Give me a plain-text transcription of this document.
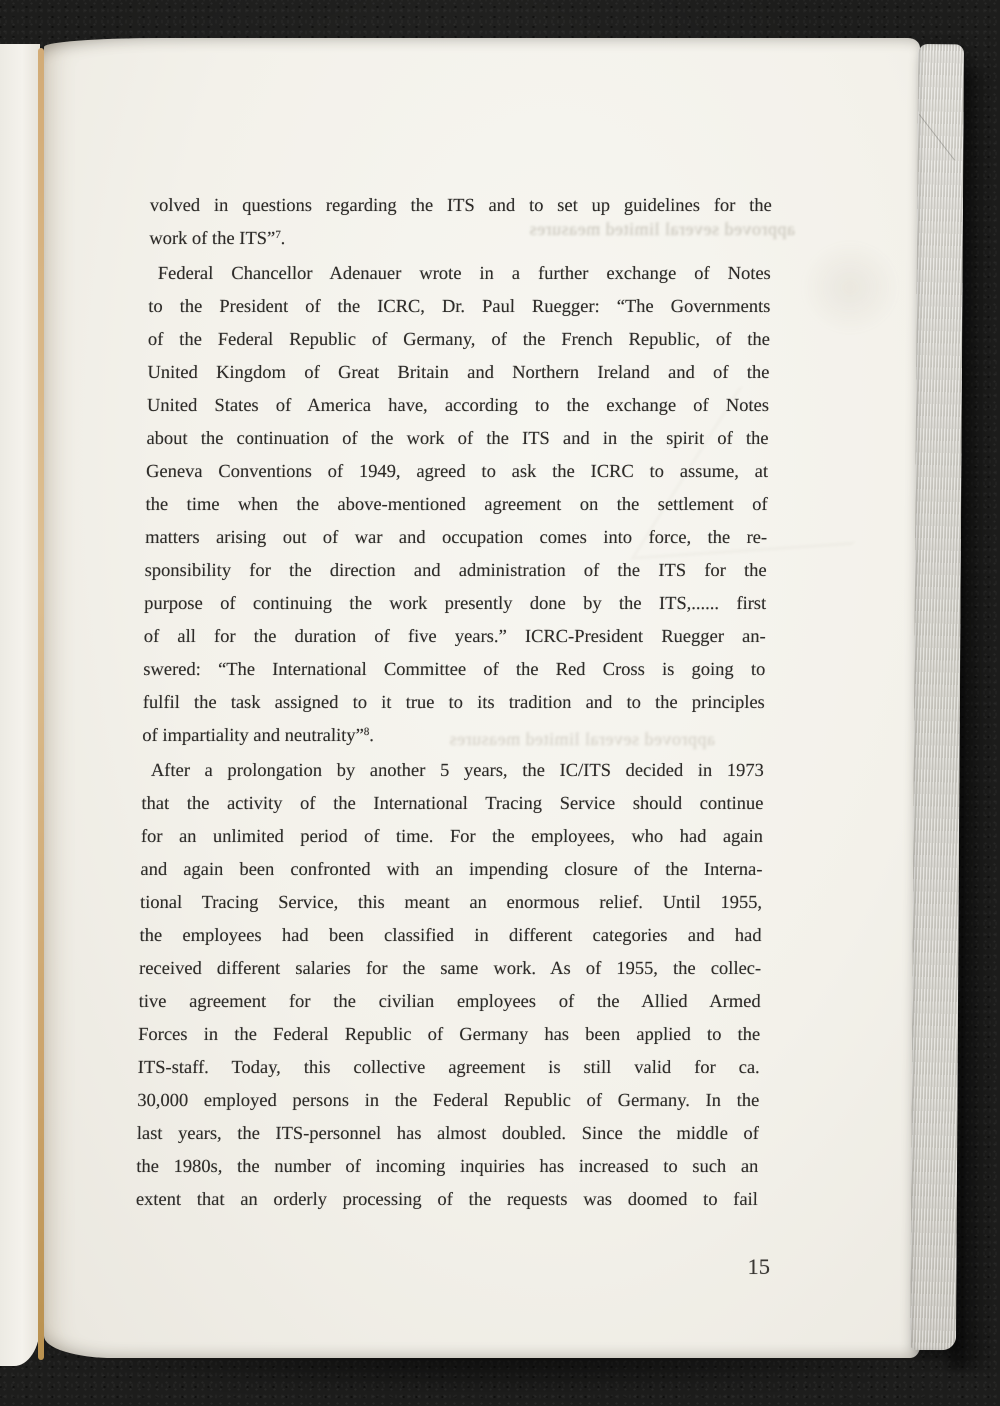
approved several limited measures
approved several limited measures
volved in questions regarding the ITS and to set up guidelines for the
work of the ITS”$^7$.
Federal Chancellor Adenauer wrote in a further exchange of Notes
to the President of the ICRC, Dr. Paul Ruegger: “The Governments
of the Federal Republic of Germany, of the French Republic, of the
United Kingdom of Great Britain and Northern Ireland and of the
United States of America have, according to the exchange of Notes
about the continuation of the work of the ITS and in the spirit of the
Geneva Conventions of 1949, agreed to ask the ICRC to assume, at
the time when the above-mentioned agreement on the settlement of
matters arising out of war and occupation comes into force, the re-
sponsibility for the direction and administration of the ITS for the
purpose of continuing the work presently done by the ITS,...... first
of all for the duration of five years.” ICRC-President Ruegger an-
swered: “The International Committee of the Red Cross is going to
fulfil the task assigned to it true to its tradition and to the principles
of impartiality and neutrality”$^8$.
After a prolongation by another 5 years, the IC/ITS decided in 1973
that the activity of the International Tracing Service should continue
for an unlimited period of time. For the employees, who had again
and again been confronted with an impending closure of the Interna-
tional Tracing Service, this meant an enormous relief. Until 1955,
the employees had been classified in different categories and had
received different salaries for the same work. As of 1955, the collec-
tive agreement for the civilian employees of the Allied Armed
Forces in the Federal Republic of Germany has been applied to the
ITS-staff. Today, this collective agreement is still valid for ca.
30,000 employed persons in the Federal Republic of Germany. In the
last years, the ITS-personnel has almost doubled. Since the middle of
the 1980s, the number of incoming inquiries has increased to such an
extent that an orderly processing of the requests was doomed to fail
15
